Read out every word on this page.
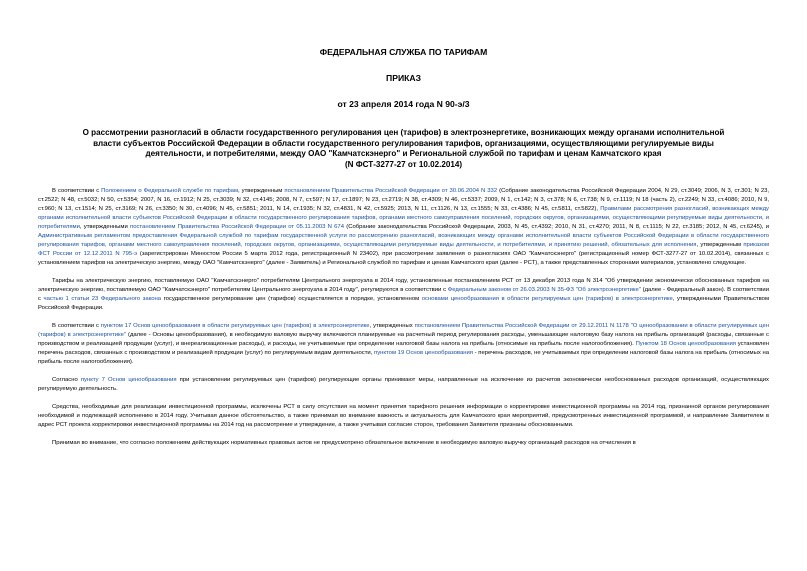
ФЕДЕРАЛЬНАЯ СЛУЖБА ПО ТАРИФАМ
ПРИКАЗ
от 23 апреля 2014 года N 90-э/3
О рассмотрении разногласий в области государственного регулирования цен (тарифов) в электроэнергетике, возникающих между органами исполнительной
власти субъектов Российской Федерации в области государственного регулирования тарифов, организациями, осуществляющими регулируемые виды
деятельности, и потребителями, между ОАО "Камчатскэнерго" и Региональной службой по тарифам и ценам Камчатского края
(N ФСТ-3277-27 от 10.02.2014)

В соответствии с Положением о Федеральной службе по тарифам, утвержденным постановлением Правительства Российской Федерации от 30.06.2004 N 332 (Собрание законодательства Российской Федерации 2004, N 29, ст.3049; 2006, N 3, ст.301; N 23, ст.2522; N 48, ст.5032; N 50, ст.5354; 2007, N 16, ст.1912; N 25, ст.3039; N 32, ст.4145; 2008, N 7, ст.597; N 17, ст.1897; N 23, ст.2719; N 38, ст.4309; N 46, ст.5337; 2009, N 1, ст.142; N 3, ст.378; N 6, ст.738; N 9, ст.1119; N 18 (часть 2), ст.2249; N 33, ст.4086; 2010, N 9, ст.960; N 13, ст.1514; N 25, ст.3169; N 26, ст.3350; N 30, ст.4096; N 45, ст.5851; 2011, N 14, ст.1935; N 32, ст.4831, N 42, ст.5925; 2013, N 11, ст.1126, N 13, ст.1555; N 33, ст.4386; N 45, ст.5811, ст.5822), Правилами рассмотрения разногласий, возникающих между органами исполнительной власти субъектов Российской Федерации в области государственного регулирования тарифов, органами местного самоуправления поселений, городских округов, организациями, осуществляющими регулируемые виды деятельности, и потребителями, утвержденными постановлением Правительства Российской Федерации от 05.11.2003 N 674 (Собрание законодательства Российской Федерации, 2003, N 45, ст.4392; 2010, N 31, ст.4270; 2011, N 8, ст.1115; N 22, ст.3185; 2012, N 45, ст.6245), и Административным регламентом предоставления Федеральной службой по тарифам государственной услуги по рассмотрению разногласий, возникающих между органами исполнительной власти субъектов Российской Федерации в области государственного регулирования тарифов, органами местного самоуправления поселений, городских округов, организациями, осуществляющими регулируемые виды деятельности, и потребителями, и принятию решений, обязательных для исполнения, утвержденным приказом ФСТ России от 12.12.2011 N 795-э (зарегистрирован Минюстом России 5 марта 2012 года, регистрационный N 23402), при рассмотрении заявления о разногласиях ОАО "Камчатскэнерго" (регистрационный номер ФСТ-3277-27 от 10.02.2014), связанных с установлением тарифов на электрическую энергию, между ОАО "Камчатскэнерго" (далее - Заявитель) и Региональной службой по тарифам и ценам Камчатского края (далее - РСТ), а также представленных сторонами материалов, установлено следующее.

Тарифы на электрическую энергию, поставляемую ОАО "Камчатскэнерго" потребителям Центрального энергоузла в 2014 году, установленные постановлением РСТ от 13 декабря 2013 года N 314 "Об утверждении экономически обоснованных тарифов на электрическую энергию, поставляемую ОАО "Камчатскэнерго" потребителям Центрального энергоузла в 2014 году", регулируются в соответствии с Федеральным законом от 26.03.2003 N 35-ФЗ "Об электроэнергетике" (далее - Федеральный закон). В соответствии с частью 1 статьи 23 Федерального закона государственное регулирование цен (тарифов) осуществляется в порядке, установленном основами ценообразования в области регулируемых цен (тарифов) в электроэнергетике, утвержденными Правительством Российской Федерации.

В соответствии с пунктом 17 Основ ценообразования в области регулируемых цен (тарифов) в электроэнергетике, утвержденных постановлением Правительства Российской Федерации от 29.12.2011 N 1178 "О ценообразовании в области регулируемых цен (тарифов) в электроэнергетике" (далее - Основы ценообразования), в необходимую валовую выручку включаются планируемые на расчетный период регулирования расходы, уменьшающие налоговую базу налога на прибыль организаций (расходы, связанные с производством и реализацией продукции (услуг), и внереализационные расходы), и расходы, не учитываемые при определении налоговой базы налога на прибыль (относимые на прибыль после налогообложения). Пунктом 18 Основ ценообразования установлен перечень расходов, связанных с производством и реализацией продукции (услуг) по регулируемым видам деятельности, пунктом 19 Основ ценообразования - перечень расходов, не учитываемых при определении налоговой базы налога на прибыль (относимых на прибыль после налогообложения).

Согласно пункту 7 Основ ценообразования при установлении регулируемых цен (тарифов) регулирующие органы принимают меры, направленные на исключение из расчетов экономически необоснованных расходов организаций, осуществляющих регулируемую деятельность.

Средства, необходимые для реализации инвестиционной программы, исключены РСТ в силу отсутствия на момент принятия тарифного решения информации о корректировке инвестиционной программы на 2014 год, признанной органом регулирования необходимой и подлежащей исполнению в 2014 году. Учитывая данное обстоятельство, а также принимая во внимание важность и актуальность для Камчатского края мероприятий, предусмотренных инвестиционной программой, и направление Заявителем в адрес РСТ проекта корректировки инвестиционной программы на 2014 год на рассмотрение и утверждение, а также учитывая согласие сторон, требования Заявителя признаны обоснованными.

Принимая во внимание, что согласно положениям действующих нормативных правовых актов не предусмотрено обязательное включение в необходимую валовую выручку организаций расходов на отчисления в
